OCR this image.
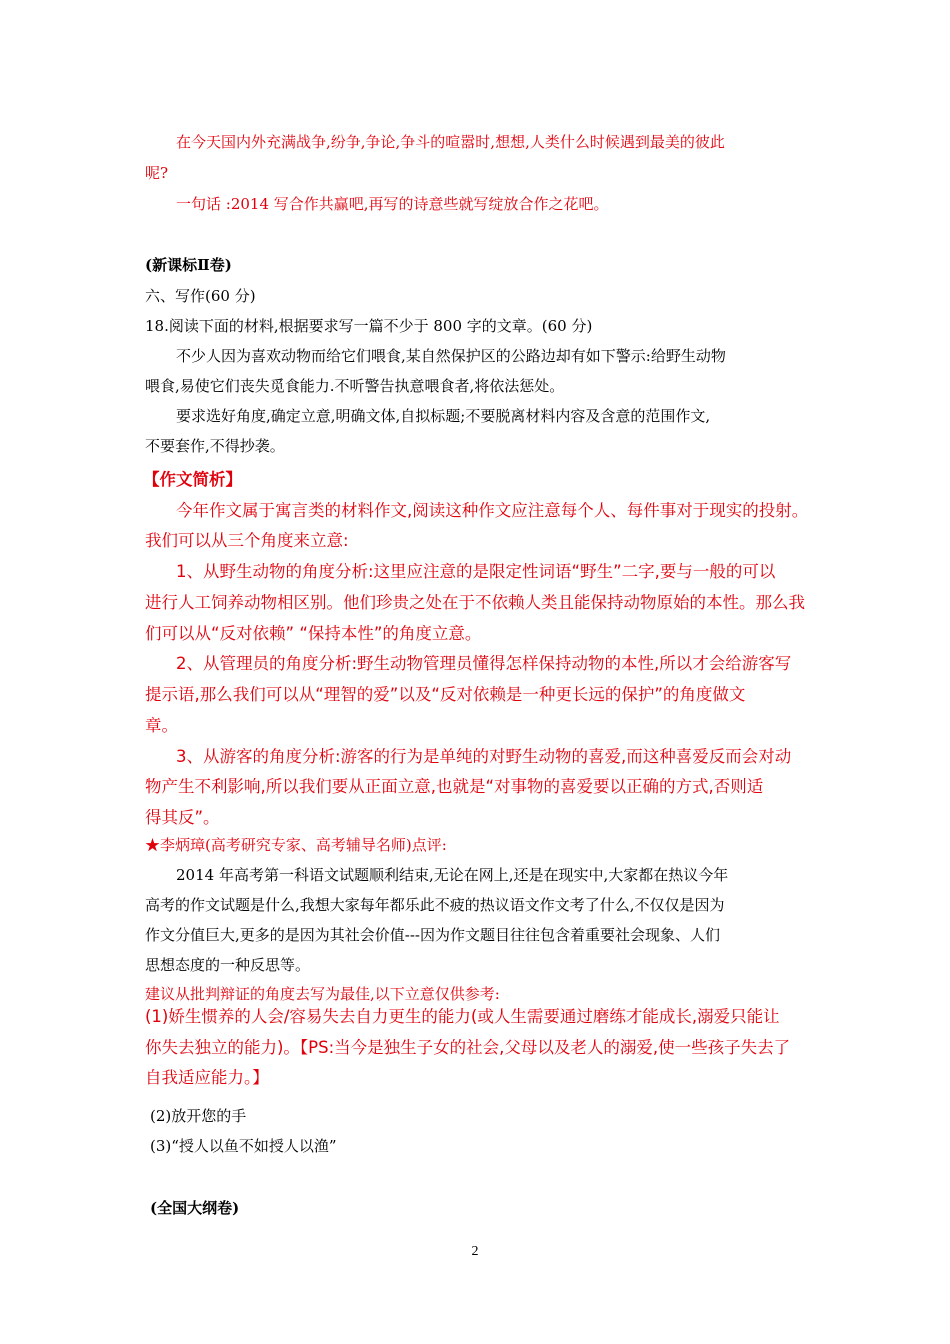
在今天国内外充满战争,纷争,争论,争斗的喧嚣时,想想,人类什么时候遇到最美的彼此

呢?

一句话 :2014 写合作共赢吧,再写的诗意些就写绽放合作之花吧。

(新课标Ⅱ卷)

六、写作(60 分)

18.阅读下面的材料,根据要求写一篇不少于 800 字的文章。(60 分)

不少人因为喜欢动物而给它们喂食,某自然保护区的公路边却有如下警示:给野生动物

喂食,易使它们丧失觅食能力.不听警告执意喂食者,将依法惩处。

要求选好角度,确定立意,明确文体,自拟标题;不要脱离材料内容及含意的范围作文,

不要套作,不得抄袭。

【作文简析】

今年作文属于寓言类的材料作文,阅读这种作文应注意每个人、每件事对于现实的投射。

我们可以从三个角度来立意:

1、从野生动物的角度分析:这里应注意的是限定性词语“野生”二字,要与一般的可以

进行人工饲养动物相区别。他们珍贵之处在于不依赖人类且能保持动物原始的本性。那么我

们可以从“反对依赖” “保持本性”的角度立意。

2、从管理员的角度分析:野生动物管理员懂得怎样保持动物的本性,所以才会给游客写

提示语,那么我们可以从“理智的爱”以及“反对依赖是一种更长远的保护”的角度做文

章。

3、从游客的角度分析:游客的行为是单纯的对野生动物的喜爱,而这种喜爱反而会对动

物产生不利影响,所以我们要从正面立意,也就是“对事物的喜爱要以正确的方式,否则适

得其反”。

★李炳璋(高考研究专家、高考辅导名师)点评:

2014 年高考第一科语文试题顺利结束,无论在网上,还是在现实中,大家都在热议今年

高考的作文试题是什么,我想大家每年都乐此不疲的热议语文作文考了什么,不仅仅是因为

作文分值巨大,更多的是因为其社会价值---因为作文题目往往包含着重要社会现象、人们

思想态度的一种反思等。

建议从批判辩证的角度去写为最佳,以下立意仅供参考:

(1)娇生惯养的人会/容易失去自力更生的能力(或人生需要通过磨练才能成长,溺爱只能让

你失去独立的能力)。【PS:当今是独生子女的社会,父母以及老人的溺爱,使一些孩子失去了

自我适应能力。】

(2)放开您的手

(3)“授人以鱼不如授人以渔”

(全国大纲卷)

2
